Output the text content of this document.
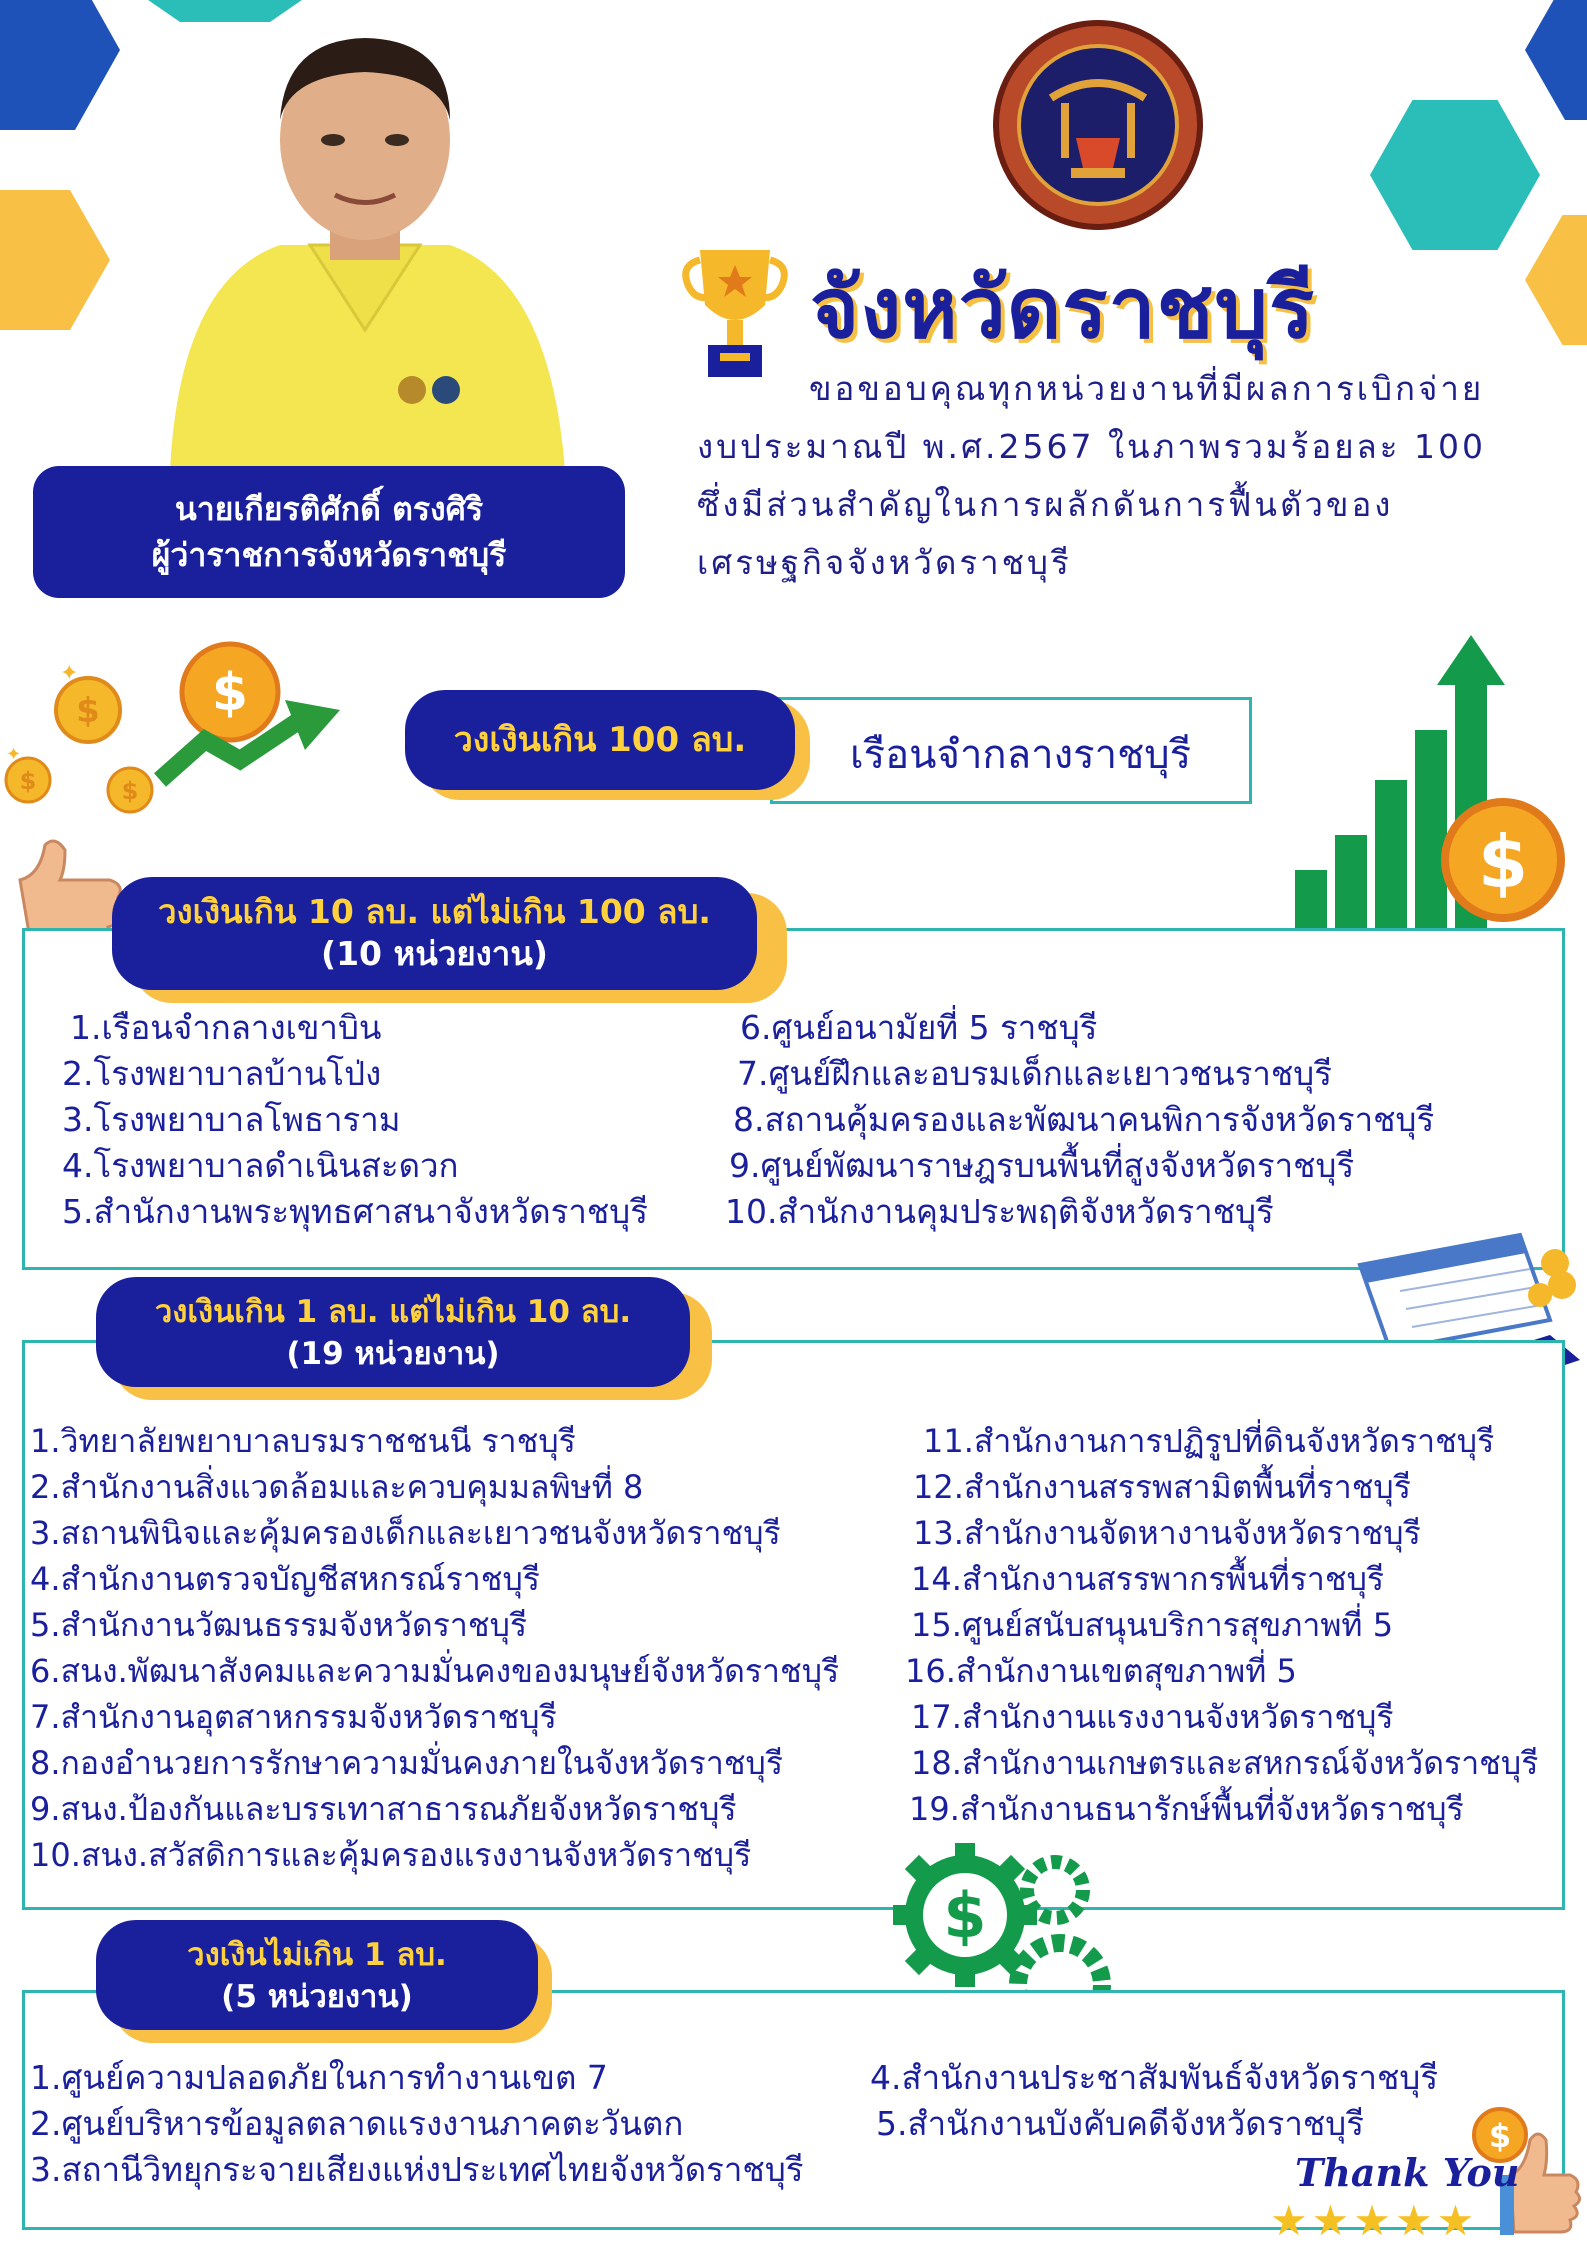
นายเกียรติศักดิ์ ตรงศิริ
ผู้ว่าราชการจังหวัดราชบุรี
จังหวัดราชบุรี

ขอขอบคุณทุกหน่วยงานที่มีผลการเบิกจ่าย

งบประมาณปี พ.ศ.2567 ในภาพรวมร้อยละ 100

ซึ่งมีส่วนสำคัญในการผลักดันการฟื้นตัวของ

เศรษฐกิจจังหวัดราชบุรี

$ $
$	$
✦
✦
$
วงเงินเกิน 100 ลบ.	เรือนจำกลางราชบุรี
วงเงินเกิน 10 ลบ. แต่ไม่เกิน 100 ลบ.
(10 หน่วยงาน)
1.เรือนจำกลางเขาบิน
2.โรงพยาบาลบ้านโป่ง
3.โรงพยาบาลโพธาราม
4.โรงพยาบาลดำเนินสะดวก
5.สำนักงานพระพุทธศาสนาจังหวัดราชบุรี
6.ศูนย์อนามัยที่ 5 ราชบุรี
7.ศูนย์ฝึกและอบรมเด็กและเยาวชนราชบุรี
8.สถานคุ้มครองและพัฒนาคนพิการจังหวัดราชบุรี
9.ศูนย์พัฒนาราษฎรบนพื้นที่สูงจังหวัดราชบุรี
10.สำนักงานคุมประพฤติจังหวัดราชบุรี
วงเงินเกิน 1 ลบ. แต่ไม่เกิน 10 ลบ.
(19 หน่วยงาน)
1.วิทยาลัยพยาบาลบรมราชชนนี ราชบุรี
2.สำนักงานสิ่งแวดล้อมและควบคุมมลพิษที่ 8
3.สถานพินิจและคุ้มครองเด็กและเยาวชนจังหวัดราชบุรี
4.สำนักงานตรวจบัญชีสหกรณ์ราชบุรี
5.สำนักงานวัฒนธรรมจังหวัดราชบุรี
6.สนง.พัฒนาสังคมและความมั่นคงของมนุษย์จังหวัดราชบุรี
7.สำนักงานอุตสาหกรรมจังหวัดราชบุรี
8.กองอำนวยการรักษาความมั่นคงภายในจังหวัดราชบุรี
9.สนง.ป้องกันและบรรเทาสาธารณภัยจังหวัดราชบุรี
10.สนง.สวัสดิการและคุ้มครองแรงงานจังหวัดราชบุรี
11.สำนักงานการปฏิรูปที่ดินจังหวัดราชบุรี
12.สำนักงานสรรพสามิตพื้นที่ราชบุรี
13.สำนักงานจัดหางานจังหวัดราชบุรี
14.สำนักงานสรรพากรพื้นที่ราชบุรี
15.ศูนย์สนับสนุนบริการสุขภาพที่ 5
16.สำนักงานเขตสุขภาพที่ 5
17.สำนักงานแรงงานจังหวัดราชบุรี
18.สำนักงานเกษตรและสหกรณ์จังหวัดราชบุรี
19.สำนักงานธนารักษ์พื้นที่จังหวัดราชบุรี
$
วงเงินไม่เกิน 1 ลบ.
(5 หน่วยงาน)
1.ศูนย์ความปลอดภัยในการทำงานเขต 7
2.ศูนย์บริหารข้อมูลตลาดแรงงานภาคตะวันตก
3.สถานีวิทยุกระจายเสียงแห่งประเทศไทยจังหวัดราชบุรี
4.สำนักงานประชาสัมพันธ์จังหวัดราชบุรี
5.สำนักงานบังคับคดีจังหวัดราชบุรี	$
Thank You
★★★★★
